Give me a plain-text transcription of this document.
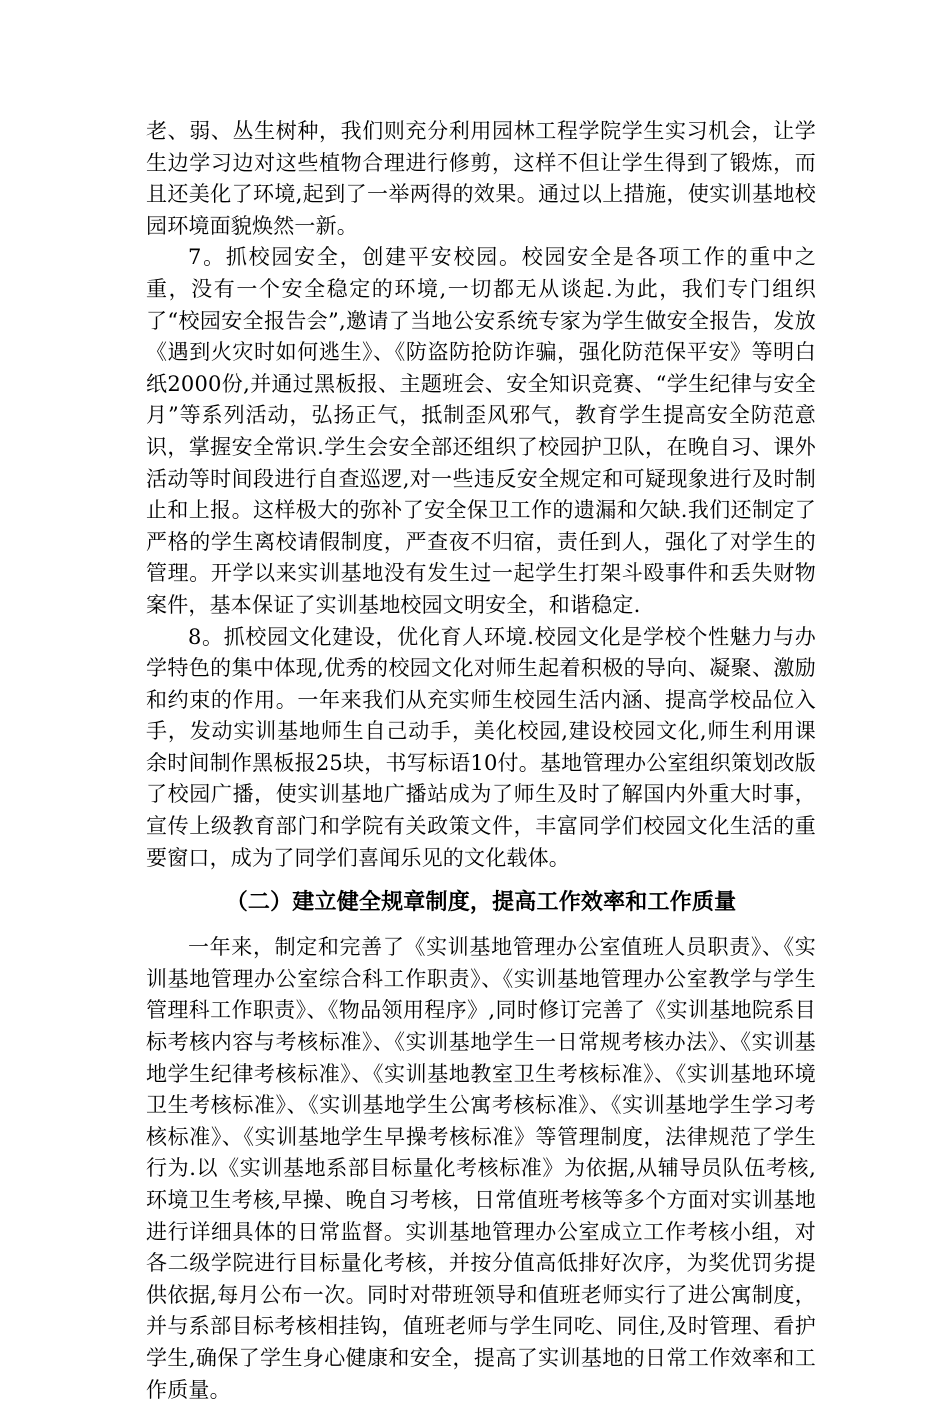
老、弱、丛生树种，我们则充分利用园林工程学院学生实习机会，让学生边学习边对这些植物合理进行修剪，这样不但让学生得到了锻炼，而且还美化了环境,起到了一举两得的效果。通过以上措施，使实训基地校园环境面貌焕然一新。

7。抓校园安全，创建平安校园。校园安全是各项工作的重中之重，没有一个安全稳定的环境,一切都无从谈起.为此，我们专门组织了“校园安全报告会”,邀请了当地公安系统专家为学生做安全报告，发放《遇到火灾时如何逃生》、《防盗防抢防诈骗，强化防范保平安》等明白纸2000份,并通过黑板报、主题班会、安全知识竞赛、“学生纪律与安全月”等系列活动，弘扬正气，抵制歪风邪气，教育学生提高安全防范意识，掌握安全常识.学生会安全部还组织了校园护卫队，在晚自习、课外活动等时间段进行自查巡逻,对一些违反安全规定和可疑现象进行及时制止和上报。这样极大的弥补了安全保卫工作的遗漏和欠缺.我们还制定了严格的学生离校请假制度，严查夜不归宿，责任到人，强化了对学生的管理。开学以来实训基地没有发生过一起学生打架斗殴事件和丢失财物案件，基本保证了实训基地校园文明安全，和谐稳定.

8。抓校园文化建设，优化育人环境.校园文化是学校个性魅力与办学特色的集中体现,优秀的校园文化对师生起着积极的导向、凝聚、激励和约束的作用。一年来我们从充实师生校园生活内涵、提高学校品位入手，发动实训基地师生自己动手，美化校园,建设校园文化,师生利用课余时间制作黑板报25块，书写标语10付。基地管理办公室组织策划改版了校园广播，使实训基地广播站成为了师生及时了解国内外重大时事，宣传上级教育部门和学院有关政策文件，丰富同学们校园文化生活的重要窗口，成为了同学们喜闻乐见的文化载体。

（二）建立健全规章制度，提高工作效率和工作质量

一年来，制定和完善了《实训基地管理办公室值班人员职责》、《实训基地管理办公室综合科工作职责》、《实训基地管理办公室教学与学生管理科工作职责》、《物品领用程序》,同时修订完善了《实训基地院系目标考核内容与考核标准》、《实训基地学生一日常规考核办法》、《实训基地学生纪律考核标准》、《实训基地教室卫生考核标准》、《实训基地环境卫生考核标准》、《实训基地学生公寓考核标准》、《实训基地学生学习考核标准》、《实训基地学生早操考核标准》等管理制度，法律规范了学生行为.以《实训基地系部目标量化考核标准》为依据,从辅导员队伍考核,环境卫生考核,早操、晚自习考核，日常值班考核等多个方面对实训基地进行详细具体的日常监督。实训基地管理办公室成立工作考核小组，对各二级学院进行目标量化考核，并按分值高低排好次序，为奖优罚劣提供依据,每月公布一次。同时对带班领导和值班老师实行了进公寓制度，并与系部目标考核相挂钩，值班老师与学生同吃、同住,及时管理、看护学生,确保了学生身心健康和安全，提高了实训基地的日常工作效率和工作质量。
